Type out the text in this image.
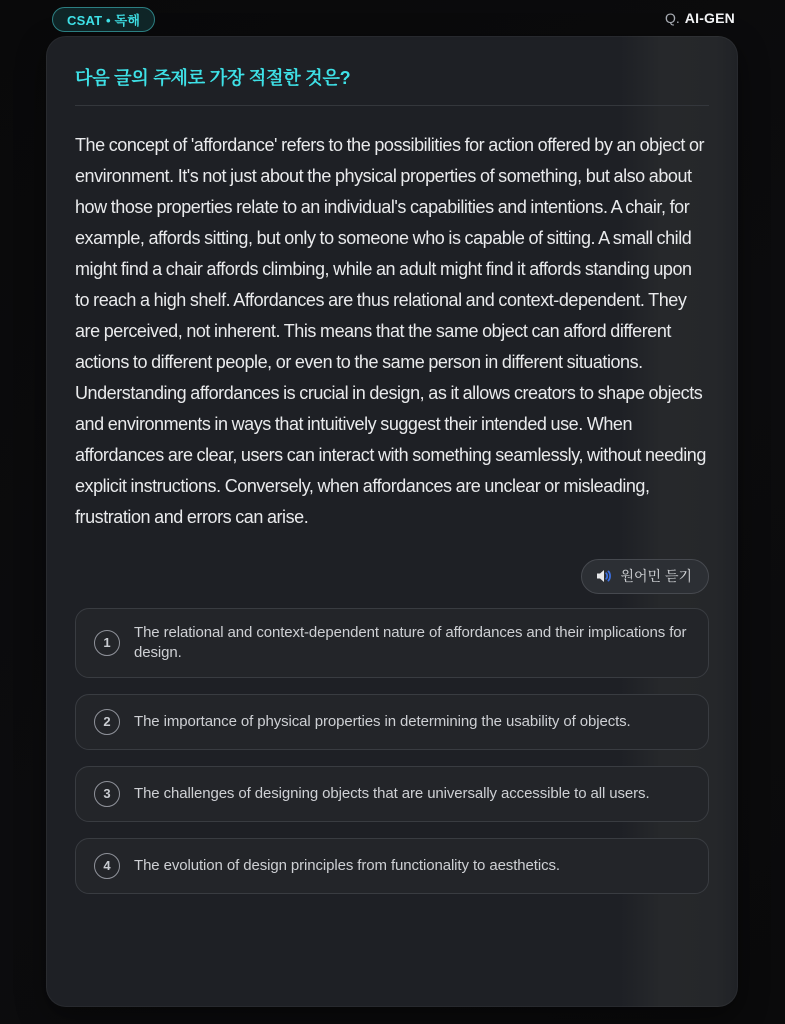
CSAT • 독해	Q. AI-GEN
다음 글의 주제로 가장 적절한 것은?
The concept of 'affordance' refers to the possibilities for action offered by an object or environment. It's not just about the physical properties of something, but also about how those properties relate to an individual's capabilities and intentions. A chair, for example, affords sitting, but only to someone who is capable of sitting. A small child might find a chair affords climbing, while an adult might find it affords standing upon to reach a high shelf. Affordances are thus relational and context-dependent. They are perceived, not inherent. This means that the same object can afford different actions to different people, or even to the same person in different situations. Understanding affordances is crucial in design, as it allows creators to shape objects and environments in ways that intuitively suggest their intended use. When affordances are clear, users can interact with something seamlessly, without needing explicit instructions. Conversely, when affordances are unclear or misleading, frustration and errors can arise.
원어민 듣기
1
The relational and context-dependent nature of affordances and their implications for design.
2	The importance of physical properties in determining the usability of objects.
3	The challenges of designing objects that are universally accessible to all users.
4	The evolution of design principles from functionality to aesthetics.
